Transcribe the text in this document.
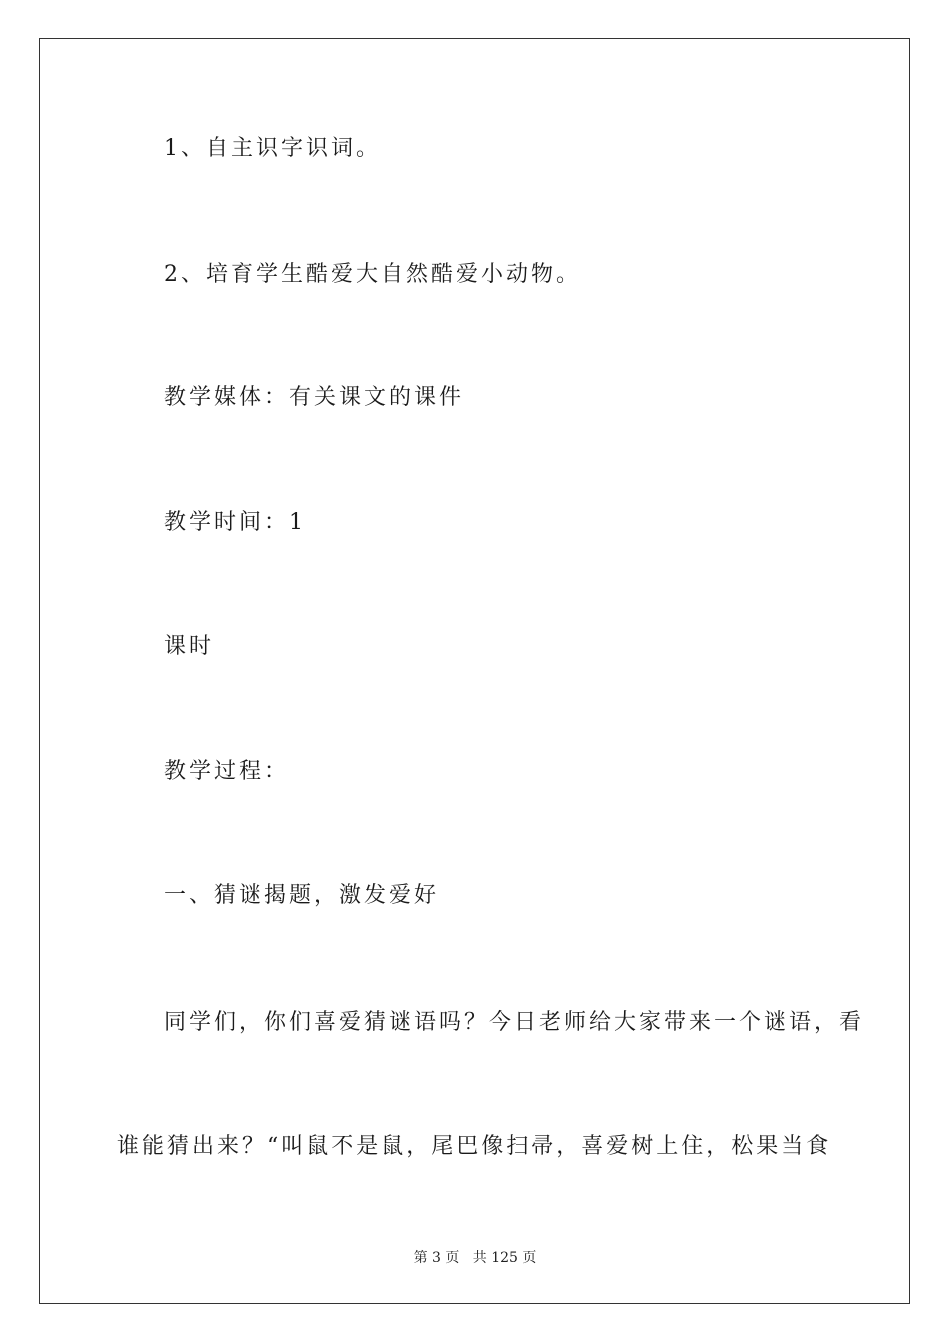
1、自主识字识词。
2、培育学生酷爱大自然酷爱小动物。
教学媒体：有关课文的课件
教学时间：1
课时
教学过程：
一、猜谜揭题，激发爱好
同学们，你们喜爱猜谜语吗？今日老师给大家带来一个谜语，看
谁能猜出来？“叫鼠不是鼠，尾巴像扫帚，喜爱树上住，松果当食
第 3 页 共 125 页
